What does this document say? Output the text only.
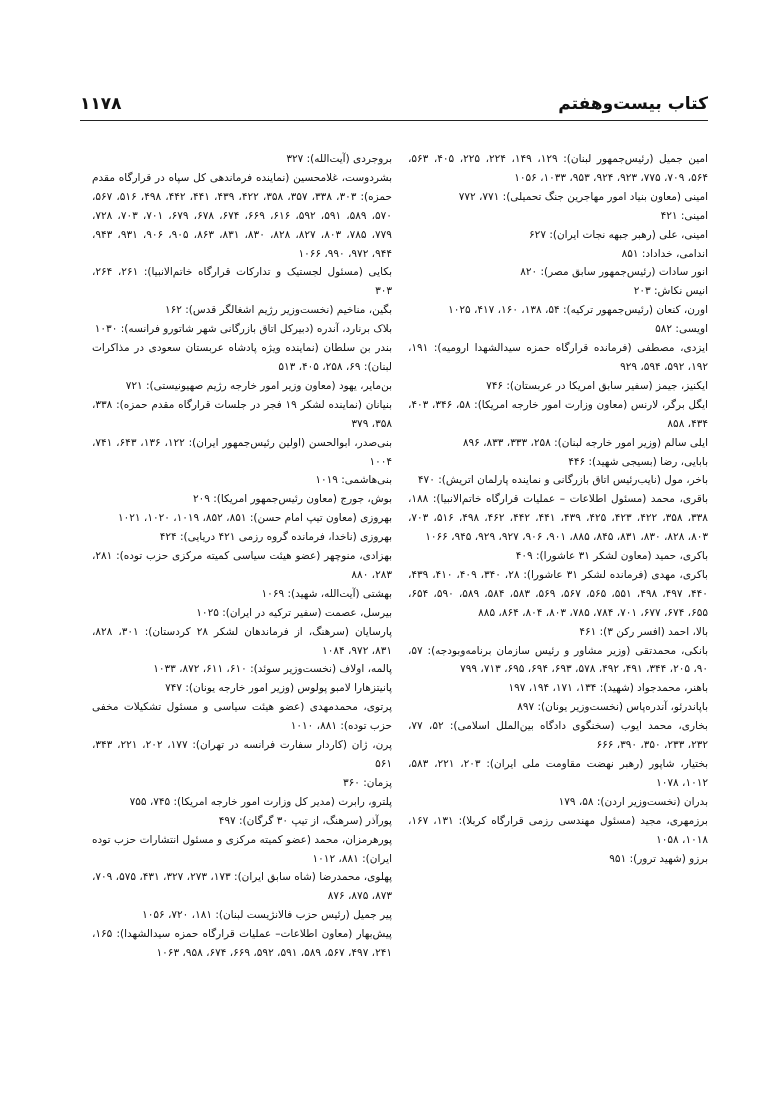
۱۱۷۸	کتاب بیست‌وهفتم

امین جمیل (رئیس‌جمهور لبنان): ۱۲۹، ۱۴۹، ۲۲۴، ۲۲۵، ۴۰۵، ۵۶۳، ۵۶۴، ۷۰۹، ۷۷۵، ۹۲۳، ۹۲۴، ۹۵۳، ۱۰۳۳، ۱۰۵۶

امینی (معاون بنیاد امور مهاجرین جنگ تحمیلی): ۷۷۱، ۷۷۲

امینی: ۴۲۱

امینی، علی (رهبر جبهه نجات ایران): ۶۲۷

اندامی، خداداد: ۸۵۱

انور سادات (رئیس‌جمهور سابق مصر): ۸۲۰

انیس نکاش: ۲۰۳

اورن، کنعان (رئیس‌جمهور ترکیه): ۵۴، ۱۳۸، ۱۶۰، ۴۱۷، ۱۰۲۵

اویسی: ۵۸۲

ایزدی، مصطفی (فرمانده قرارگاه حمزه سیدالشهدا ارومیه): ۱۹۱، ۱۹۲، ۵۹۲، ۵۹۴، ۹۲۹

ایکنیز، جیمز (سفیر سابق امریکا در عربستان): ۷۴۶

ایگل برگر، لارنس (معاون وزارت امور خارجه امریکا): ۵۸، ۳۴۶، ۴۰۳، ۴۳۴، ۸۵۸

ایلی سالم (وزیر امور خارجه لبنان): ۲۵۸، ۳۳۳، ۸۳۳، ۸۹۶

بابایی، رضا (بسیجی شهید): ۴۴۶

باخر، مول (نایب‌رئیس اتاق بازرگانی و نماینده پارلمان اتریش): ۴۷۰

باقری، محمد (مسئول اطلاعات – عملیات قرارگاه خاتم‌الانبیا): ۱۸۸، ۳۳۸، ۳۵۸، ۴۲۲، ۴۲۳، ۴۲۵، ۴۳۹، ۴۴۱، ۴۴۲، ۴۶۲، ۴۹۸، ۵۱۶، ۷۰۳، ۸۰۳، ۸۲۸، ۸۳۰، ۸۳۱، ۸۴۵، ۸۸۵، ۹۰۱، ۹۰۶، ۹۲۷، ۹۲۹، ۹۴۵، ۱۰۶۶

باکری، حمید (معاون لشکر ۳۱ عاشورا): ۴۰۹

باکری، مهدی (فرمانده لشکر ۳۱ عاشورا): ۲۸، ۳۴۰، ۴۰۹، ۴۱۰، ۴۳۹، ۴۴۰، ۴۹۷، ۴۹۸، ۵۵۱، ۵۶۵، ۵۶۷، ۵۶۹، ۵۸۳، ۵۸۴، ۵۸۹، ۵۹۰، ۶۵۴، ۶۵۵، ۶۷۴، ۶۷۷، ۷۰۱، ۷۸۴، ۷۸۵، ۸۰۳، ۸۰۴، ۸۶۴، ۸۸۵

بالا، احمد (افسر رکن ۳): ۴۶۱

بانکی، محمدتقی (وزیر مشاور و رئیس سازمان برنامه‌وبودجه): ۵۷، ۹۰، ۲۰۵، ۳۴۴، ۴۹۱، ۴۹۲، ۵۷۸، ۶۹۳، ۶۹۴، ۶۹۵، ۷۱۳، ۷۹۹

باهنر، محمدجواد (شهید): ۱۳۴، ۱۷۱، ۱۹۴، ۱۹۷

باپاندرئو، آندره‌پاس (نخست‌وزیر یونان): ۸۹۷

بخاری، محمد ایوب (سخنگوی دادگاه بین‌الملل اسلامی): ۵۲، ۷۷، ۲۳۲، ۲۳۳، ۳۵۰، ۳۹۰، ۶۶۶

بختیار، شاپور (رهبر نهضت مقاومت ملی ایران): ۲۰۳، ۲۲۱، ۵۸۳، ۱۰۱۲، ۱۰۷۸

بدران (نخست‌وزیر اردن): ۵۸، ۱۷۹

برزمهری، مجید (مسئول مهندسی رزمی قرارگاه کربلا): ۱۳۱، ۱۶۷، ۱۰۱۸، ۱۰۵۸

برزو (شهید ترور): ۹۵۱

بروجردی (آیت‌الله): ۳۲۷

بشردوست، غلامحسین (نماینده فرماندهی کل سپاه در قرارگاه مقدم حمزه): ۳۰۳، ۳۳۸، ۳۵۷، ۳۵۸، ۴۲۲، ۴۳۹، ۴۴۱، ۴۴۲، ۴۹۸، ۵۱۶، ۵۶۷، ۵۷۰، ۵۸۹، ۵۹۱، ۵۹۲، ۶۱۶، ۶۶۹، ۶۷۴، ۶۷۸، ۶۷۹، ۷۰۱، ۷۰۳، ۷۲۸، ۷۷۹، ۷۸۵، ۸۰۳، ۸۲۷، ۸۲۸، ۸۳۰، ۸۳۱، ۸۶۳، ۹۰۵، ۹۰۶، ۹۳۱، ۹۴۳، ۹۴۴، ۹۷۲، ۹۹۰، ۱۰۶۶

بکایی (مسئول لجستیک و تدارکات قرارگاه خاتم‌الانبیا): ۲۶۱، ۲۶۴، ۳۰۳

بگین، مناخیم (نخست‌وزیر رژیم اشغالگر قدس): ۱۶۲

بلاک برنارد، آندره (دبیرکل اتاق بازرگانی شهر شاتورو فرانسه): ۱۰۳۰

بندر بن سلطان (نماینده ویژه پادشاه عربستان سعودی در مذاکرات لبنان): ۶۹، ۲۵۸، ۴۰۵، ۵۱۳

بن‌مایر، یهود (معاون وزیر امور خارجه رژیم صهیونیستی): ۷۲۱

بنیانان (نماینده لشکر ۱۹ فجر در جلسات قرارگاه مقدم حمزه): ۳۳۸، ۳۵۸، ۳۷۹

بنی‌صدر، ابوالحسن (اولین رئیس‌جمهور ایران): ۱۲۲، ۱۳۶، ۶۴۳، ۷۴۱، ۱۰۰۴

بنی‌هاشمی: ۱۰۱۹

بوش، جورج (معاون رئیس‌جمهور امریکا): ۲۰۹

بهروزی (معاون تیپ امام حسن): ۸۵۱، ۸۵۲، ۱۰۱۹، ۱۰۲۰، ۱۰۲۱

بهروزی (ناخدا، فرمانده گروه رزمی ۴۲۱ دریایی): ۴۲۴

بهزادی، منوچهر (عضو هیئت سیاسی کمیته مرکزی حزب توده): ۲۸۱، ۲۸۳، ۸۸۰

بهشتی (آیت‌الله، شهید): ۱۰۶۹

بیرسل، عصمت (سفیر ترکیه در ایران): ۱۰۲۵

پارسایان (سرهنگ، از فرماندهان لشکر ۲۸ کردستان): ۳۰۱، ۸۲۸، ۸۳۱، ۹۷۲، ۱۰۸۴

پالمه، اولاف (نخست‌وزیر سوئد): ۶۱۰، ۶۱۱، ۸۷۲، ۱۰۳۳

پانیتزهارا لامبو پولوس (وزیر امور خارجه یونان): ۷۴۷

پرتوی، محمدمهدی (عضو هیئت سیاسی و مسئول تشکیلات مخفی حزب توده): ۸۸۱، ۱۰۱۰

پرن، ژان (کاردار سفارت فرانسه در تهران): ۱۷۷، ۲۰۲، ۲۲۱، ۳۴۳، ۵۶۱

پزمان: ۳۶۰

پلترو، رابرت (مدیر کل وزارت امور خارجه امریکا): ۷۴۵، ۷۵۵

پورآذر (سرهنگ، از تیپ ۳۰ گرگان): ۴۹۷

پورهرمزان، محمد (عضو کمیته مرکزی و مسئول انتشارات حزب توده ایران): ۸۸۱، ۱۰۱۲

پهلوی، محمدرضا (شاه سابق ایران): ۱۷۳، ۲۷۳، ۳۲۷، ۴۳۱، ۵۷۵، ۷۰۹، ۸۷۳، ۸۷۵، ۸۷۶

پیر جمیل (رئیس حزب فالانژیست لبنان): ۱۸۱، ۷۲۰، ۱۰۵۶

پیش‌بهار (معاون اطلاعات– عملیات قرارگاه حمزه سیدالشهدا): ۱۶۵، ۲۴۱، ۴۹۷، ۵۶۷، ۵۸۹، ۵۹۱، ۵۹۲، ۶۶۹، ۶۷۴، ۹۵۸، ۱۰۶۳
